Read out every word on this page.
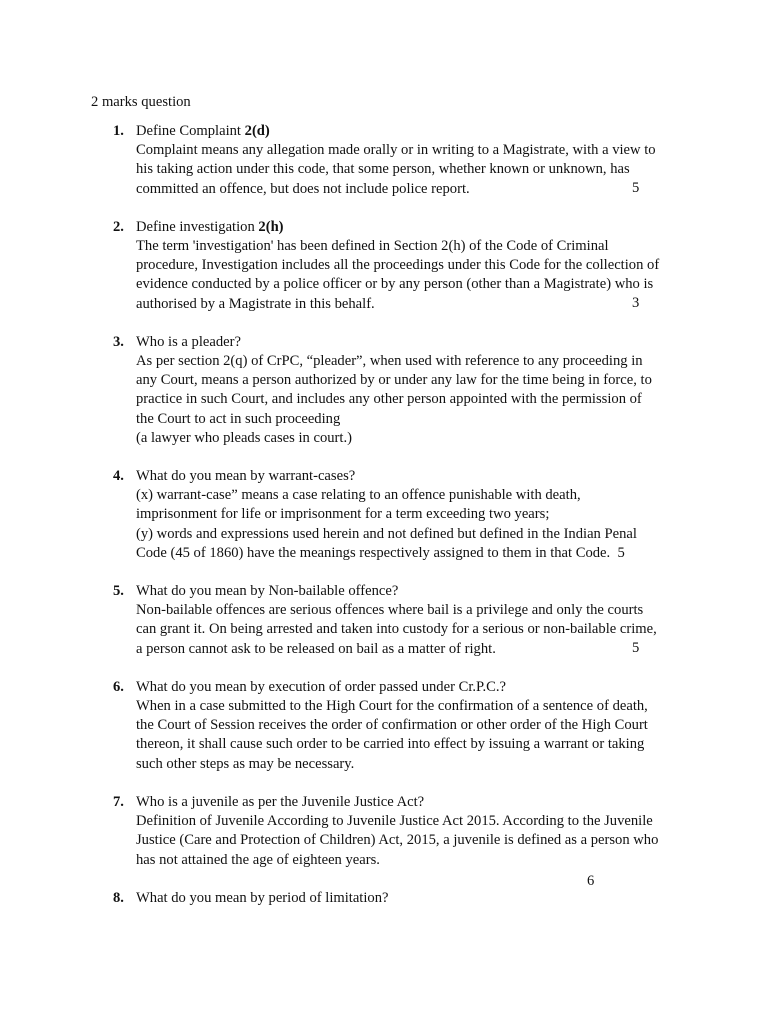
2 marks question

1. Define Complaint 2(d)
Complaint means any allegation made orally or in writing to a Magistrate, with a view to
his taking action under this code, that some person, whether known or unknown, has
committed an offence, but does not include police report.	5
2. Define investigation 2(h)
The term 'investigation' has been defined in Section 2(h) of the Code of Criminal
procedure, Investigation includes all the proceedings under this Code for the collection of
evidence conducted by a police officer or by any person (other than a Magistrate) who is
authorised by a Magistrate in this behalf.	3
3. Who is a pleader?
As per section 2(q) of CrPC, “pleader”, when used with reference to any proceeding in
any Court, means a person authorized by or under any law for the time being in force, to
practice in such Court, and includes any other person appointed with the permission of
the Court to act in such proceeding
(a lawyer who pleads cases in court.)
4. What do you mean by warrant-cases?
(x) warrant-case” means a case relating to an offence punishable with death,
imprisonment for life or imprisonment for a term exceeding two years;
(y) words and expressions used herein and not defined but defined in the Indian Penal
Code (45 of 1860) have the meanings respectively assigned to them in that Code. 5
5. What do you mean by Non-bailable offence?
Non-bailable offences are serious offences where bail is a privilege and only the courts
can grant it. On being arrested and taken into custody for a serious or non-bailable crime,
a person cannot ask to be released on bail as a matter of right.	5
6. What do you mean by execution of order passed under Cr.P.C.?
When in a case submitted to the High Court for the confirmation of a sentence of death,
the Court of Session receives the order of confirmation or other order of the High Court
thereon, it shall cause such order to be carried into effect by issuing a warrant or taking
such other steps as may be necessary.
7. Who is a juvenile as per the Juvenile Justice Act?
Definition of Juvenile According to Juvenile Justice Act 2015. According to the Juvenile
Justice (Care and Protection of Children) Act, 2015, a juvenile is defined as a person who
has not attained the age of eighteen years.

8. What do you mean by period of limitation?
6
